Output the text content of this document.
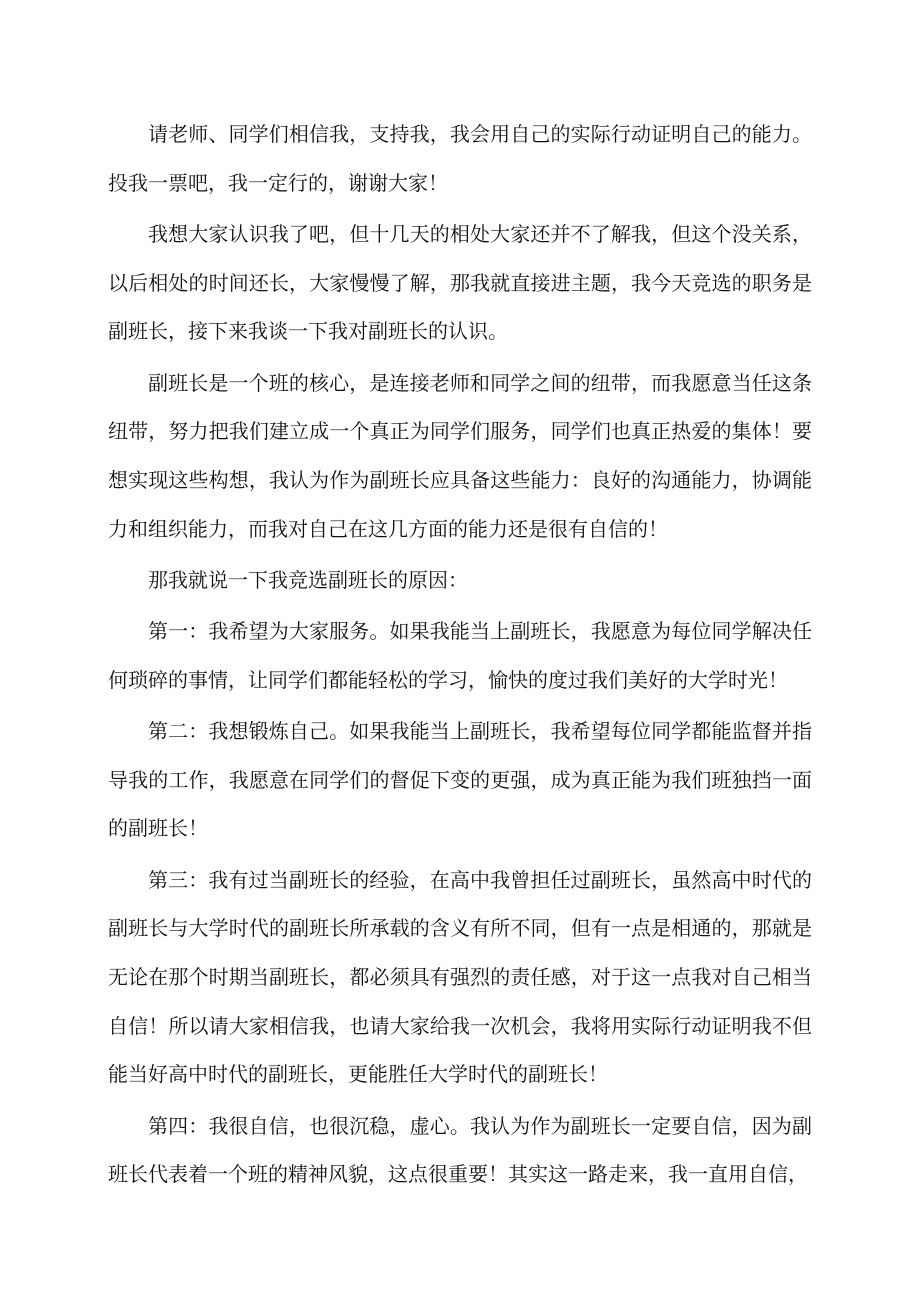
请老师、同学们相信我，支持我，我会用自己的实际行动证明自己的能力。投我一票吧，我一定行的，谢谢大家！

我想大家认识我了吧，但十几天的相处大家还并不了解我，但这个没关系，以后相处的时间还长，大家慢慢了解，那我就直接进主题，我今天竞选的职务是副班长，接下来我谈一下我对副班长的认识。

副班长是一个班的核心，是连接老师和同学之间的纽带，而我愿意当任这条纽带，努力把我们建立成一个真正为同学们服务，同学们也真正热爱的集体！要想实现这些构想，我认为作为副班长应具备这些能力：良好的沟通能力，协调能力和组织能力，而我对自己在这几方面的能力还是很有自信的！

那我就说一下我竞选副班长的原因：

第一：我希望为大家服务。如果我能当上副班长，我愿意为每位同学解决任何琐碎的事情，让同学们都能轻松的学习，愉快的度过我们美好的大学时光！

第二：我想锻炼自己。如果我能当上副班长，我希望每位同学都能监督并指导我的工作，我愿意在同学们的督促下变的更强，成为真正能为我们班独挡一面的副班长！

第三：我有过当副班长的经验，在高中我曾担任过副班长，虽然高中时代的副班长与大学时代的副班长所承载的含义有所不同，但有一点是相通的，那就是无论在那个时期当副班长，都必须具有强烈的责任感，对于这一点我对自己相当自信！所以请大家相信我，也请大家给我一次机会，我将用实际行动证明我不但能当好高中时代的副班长，更能胜任大学时代的副班长！

第四：我很自信，也很沉稳，虚心。我认为作为副班长一定要自信，因为副班长代表着一个班的精神风貌，这点很重要！其实这一路走来，我一直用自信，
